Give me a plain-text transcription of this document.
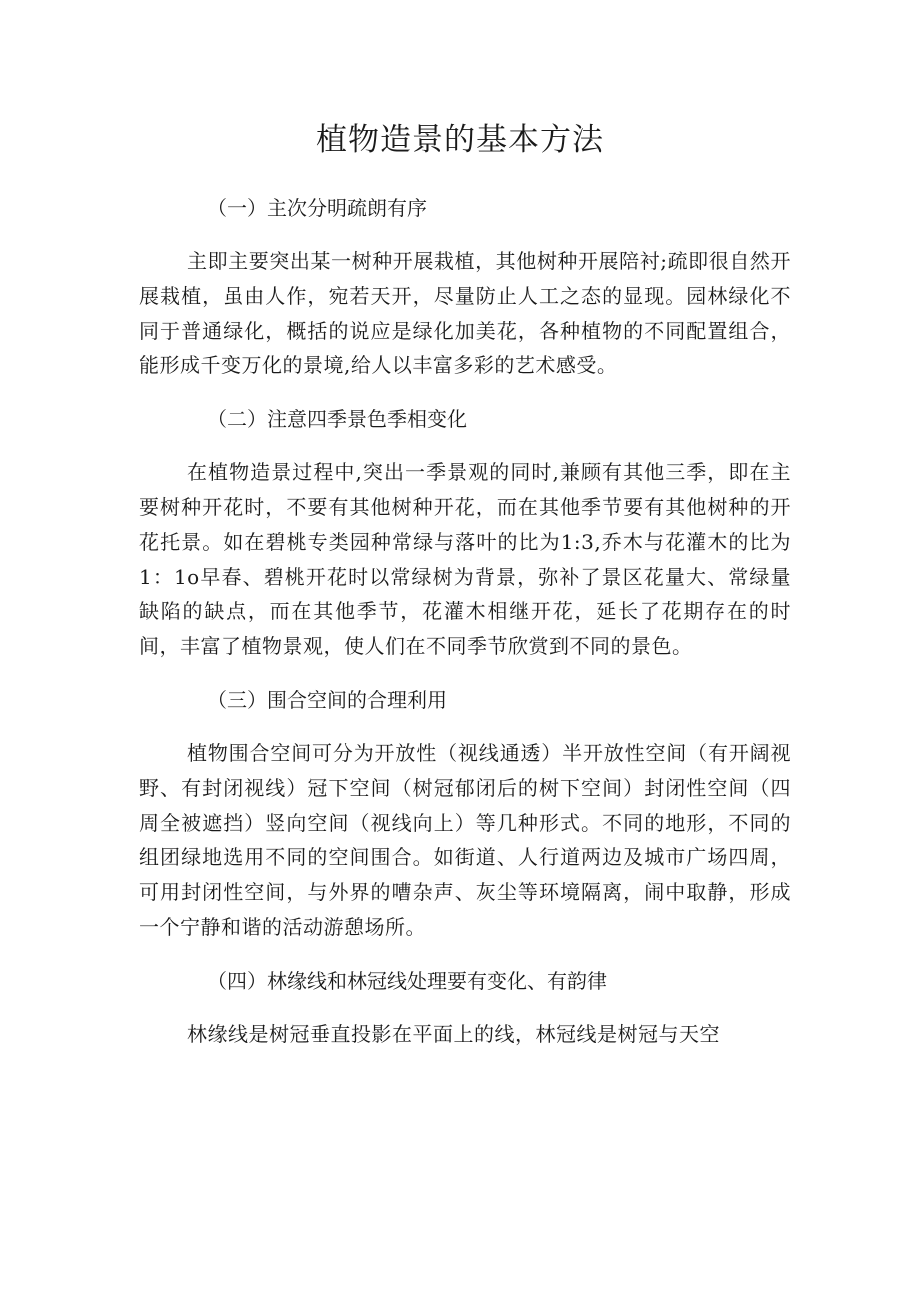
植物造景的基本方法
（一）主次分明疏朗有序

主即主要突出某一树种开展栽植，其他树种开展陪衬;疏即很自然开展栽植，虽由人作，宛若天开，尽量防止人工之态的显现。园林绿化不同于普通绿化，概括的说应是绿化加美花，各种植物的不同配置组合，能形成千变万化的景境,给人以丰富多彩的艺术感受。

（二）注意四季景色季相变化

在植物造景过程中,突出一季景观的同时,兼顾有其他三季，即在主要树种开花时，不要有其他树种开花，而在其他季节要有其他树种的开花托景。如在碧桃专类园种常绿与落叶的比为1:3,乔木与花灌木的比为1：1o早春、碧桃开花时以常绿树为背景，弥补了景区花量大、常绿量缺陷的缺点，而在其他季节，花灌木相继开花，延长了花期存在的时间，丰富了植物景观，使人们在不同季节欣赏到不同的景色。

（三）围合空间的合理利用

植物围合空间可分为开放性（视线通透）半开放性空间（有开阔视野、有封闭视线）冠下空间（树冠郁闭后的树下空间）封闭性空间（四周全被遮挡）竖向空间（视线向上）等几种形式。不同的地形，不同的组团绿地选用不同的空间围合。如街道、人行道两边及城市广场四周，可用封闭性空间，与外界的嘈杂声、灰尘等环境隔离，闹中取静，形成一个宁静和谐的活动游憩场所。

（四）林缘线和林冠线处理要有变化、有韵律

林缘线是树冠垂直投影在平面上的线，林冠线是树冠与天空
